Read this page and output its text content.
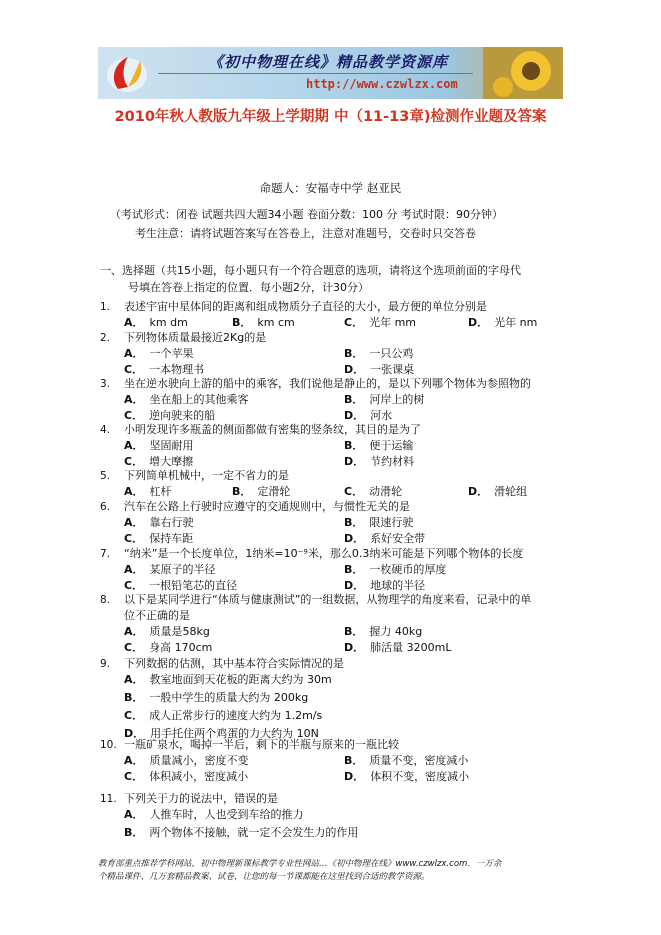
《初中物理在线》精品教学资源库
http://www.czwlzx.com
2010年秋人教版九年级上学期期 中（11-13章)检测作业题及答案
命题人：安福寺中学 赵亚民
（考试形式：闭卷 试题共四大题34小题 卷面分数：100 分 考试时限：90分钟）
考生注意：请将试题答案写在答卷上，注意对准题号，交卷时只交答卷
一、选择题（共15小题，每小题只有一个符合题意的选项，请将这个选项前面的字母代
号填在答卷上指定的位置．每小题2分，计30分）
1. 表述宇宙中星体间的距离和组成物质分子直径的大小，最方便的单位分别是
A． km dm	B． km cm	C． 光年 mm	D． 光年 nm
2. 下列物体质量最接近2Kg的是
A． 一个苹果	B． 一只公鸡
C． 一本物理书	D． 一张课桌
3. 坐在逆水驶向上游的船中的乘客，我们说他是静止的，是以下列哪个物体为参照物的
A． 坐在船上的其他乘客	B． 河岸上的树
C． 逆向驶来的船	D． 河水
4. 小明发现许多瓶盖的侧面都做有密集的竖条纹，其目的是为了
A． 坚固耐用	B． 便于运输
C． 增大摩擦	D． 节约材料
5. 下列简单机械中，一定不省力的是
A． 杠杆	B． 定滑轮	C． 动滑轮	D． 滑轮组
6. 汽车在公路上行驶时应遵守的交通规则中，与惯性无关的是
A． 靠右行驶	B． 限速行驶
C． 保持车距	D． 系好安全带
7. “纳米”是一个长度单位，1纳米=10⁻⁹米，那么0.3纳米可能是下列哪个物体的长度
A． 某原子的半径	B． 一枚硬币的厚度
C． 一根铅笔芯的直径	D． 地球的半径
8. 以下是某同学进行“体质与健康测试”的一组数据，从物理学的角度来看，记录中的单
位不正确的是
A． 质量是58kg	B． 握力 40kg
C． 身高 170cm	D． 肺活量 3200mL
9. 下列数据的估测，其中基本符合实际情况的是
A． 教室地面到天花板的距离大约为 30m
B． 一般中学生的质量大约为 200kg
C． 成人正常步行的速度大约为 1.2m/s
D． 用手托住两个鸡蛋的力大约为 10N
10. 一瓶矿泉水，喝掉一半后，剩下的半瓶与原来的一瓶比较
A． 质量减小，密度不变	B． 质量不变，密度减小
C． 体积减小，密度减小	D． 体积不变，密度减小
11. 下列关于力的说法中，错误的是
A． 人推车时，人也受到车给的推力
B． 两个物体不接触，就一定不会发生力的作用
教育部重点推荐学科网站，初中物理新课标教学专业性网站…《初中物理在线》www.czwlzx.com．一万余
个精品课件、几万套精品教案、试卷，让您的每一节课都能在这里找到合适的教学资源。
